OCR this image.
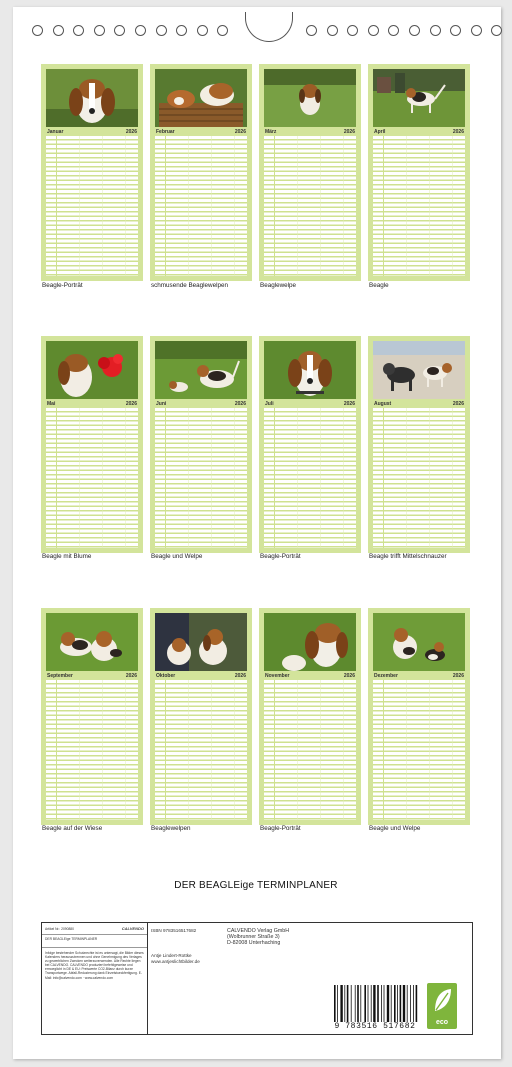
Januar	2026	Februar	2026	März	2026	April	2026
Beagle-Porträt	schmusende Beaglewelpen	Beaglewelpe	Beagle
Mai	2026	Juni	2026	Juli	2026	August	2026
Beagle mit Blume	Beagle und Welpe	Beagle-Porträt	Beagle trifft Mittelschnauzer
September	2026	Oktober	2026	November	2026	Dezember	2026
Beagle auf der Wiese	Beaglewelpen	Beagle-Porträt	Beagle und Welpe
DER BEAGLEige TERMINPLANER
Artikel Nr.: 2090880	CALVENDO
DER BEAGLEige TERMINPLANER
Infolge bestehender Schutzrechte ist es untersagt, die Bilder dieses Kalenders herauszutrennen und ohne Genehmigung des Verlages zu gewerblichen Zwecken weiterzuverwenden. Alle Rechte liegen bei CALVENDO. CALVENDO produziert befehligeweise und ermoeglicht in DE & EU: Preiswerte CO2-Bilanz durch kurze Transportwege. Abfall-Reduzierung dank Einzelstueckfertigung. E-Mail: info@calvendo.com · www.calvendo.com
ISBN 9783516517682
Antje Lindert-Rottke
www.antjeslichtbilder.de
CALVENDO Verlag GmbH
(Wolbrunner Straße 3)
D-82008 Unterhaching
9 783516 517682	eco
